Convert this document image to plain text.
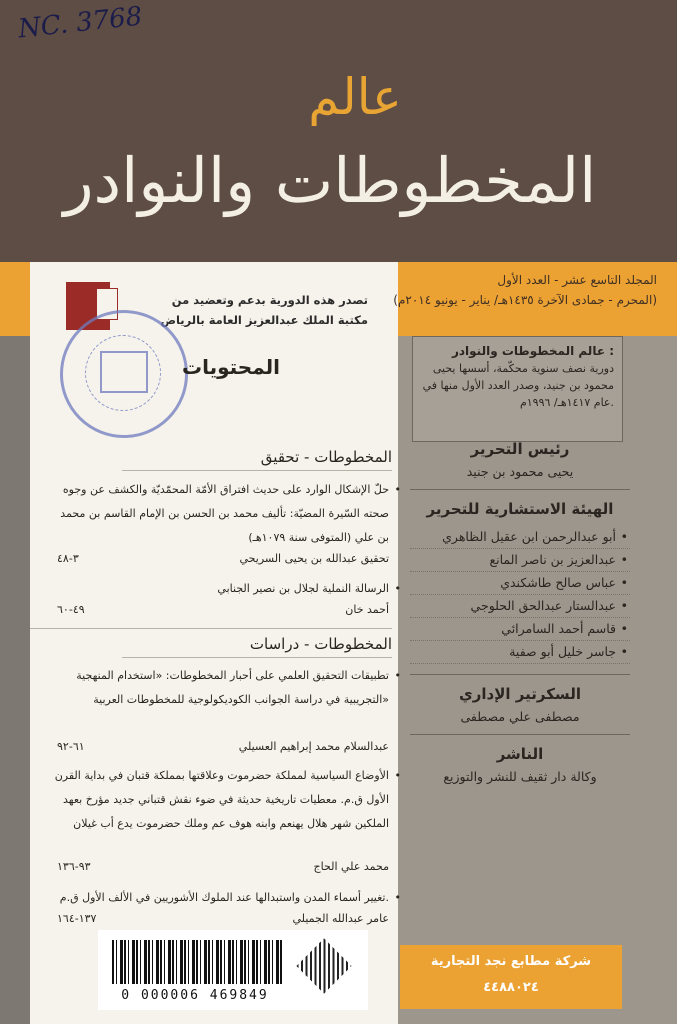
NC. 3768
عالم
المخطوطات والنوادر
المجلد التاسع عشر - العدد الأول
(المحرم - جمادى الآخرة ١٤٣٥هـ/ يناير - يونيو ٢٠١٤م)
تصدر هذه الدورية بدعم وتعضيد من
مكتبة الملك عبدالعزيز العامة بالرياض
المحتويات
عالم المخطوطات والنوادر :
دورية نصف سنوية محكّمة، أسسها يحيى محمود بن جنيد، وصدر العدد الأول منها في عام ١٤١٧هـ/ ١٩٩٦م.
المخطوطات - تحقيق
•
حلّ الإشكال الوارد على حديث افتراق الأمّة المحمّديّة والكشف عن وجوه صحته السّيرة المضيّة: تأليف محمد بن الحسن بن الإمام القاسم بن محمد بن علي (المتوفى سنة ١٠٧٩هـ)
تحقيق عبدالله بن يحيى السريحي
٣-٤٨
•
الرسالة النملية لجلال بن نصير الجنابي
أحمد خان
٤٩-٦٠
المخطوطات - دراسات
•
تطبيقات التحقيق العلمي على أحبار المخطوطات: «استخدام المنهجية التجريبية في دراسة الجوانب الكوديكولوجية للمخطوطات العربية»
عبدالسلام محمد إبراهيم العسيلي
٦١-٩٢
•
الأوضاع السياسية لمملكة حضرموت وعلاقتها بمملكة قتبان في بداية القرن الأول ق.م. معطيات تاريخية حديثة في ضوء نقش قتباني جديد مؤرخ بعهد الملكين شهر هلال يهنعم وابنه هوف عم وملك حضرموت يدع أب غيلان
محمد علي الحاج
٩٣-١٣٦
•
تغيير أسماء المدن واستبدالها عند الملوك الأشوريين في الألف الأول ق.م.
عامر عبدالله الجميلي
١٣٧-١٦٤
رئيس التحرير

يحيى محمود بن جنيد

الهيئة الاستشارية للتحرير
• أبو عبدالرحمن ابن عقيل الظاهري
• عبدالعزيز بن ناصر المانع
• عباس صالح طاشكندي
• عبدالستار عبدالحق الحلوجي
• قاسم أحمد السامرائي
• جاسر خليل أبو صفية
السكرتير الإداري

مصطفى علي مصطفى

الناشر

وكالة دار ثقيف للنشر والتوزيع

شركة مطابع نجد التجارية
٤٤٨٨٠٢٤
0 000006 469849
